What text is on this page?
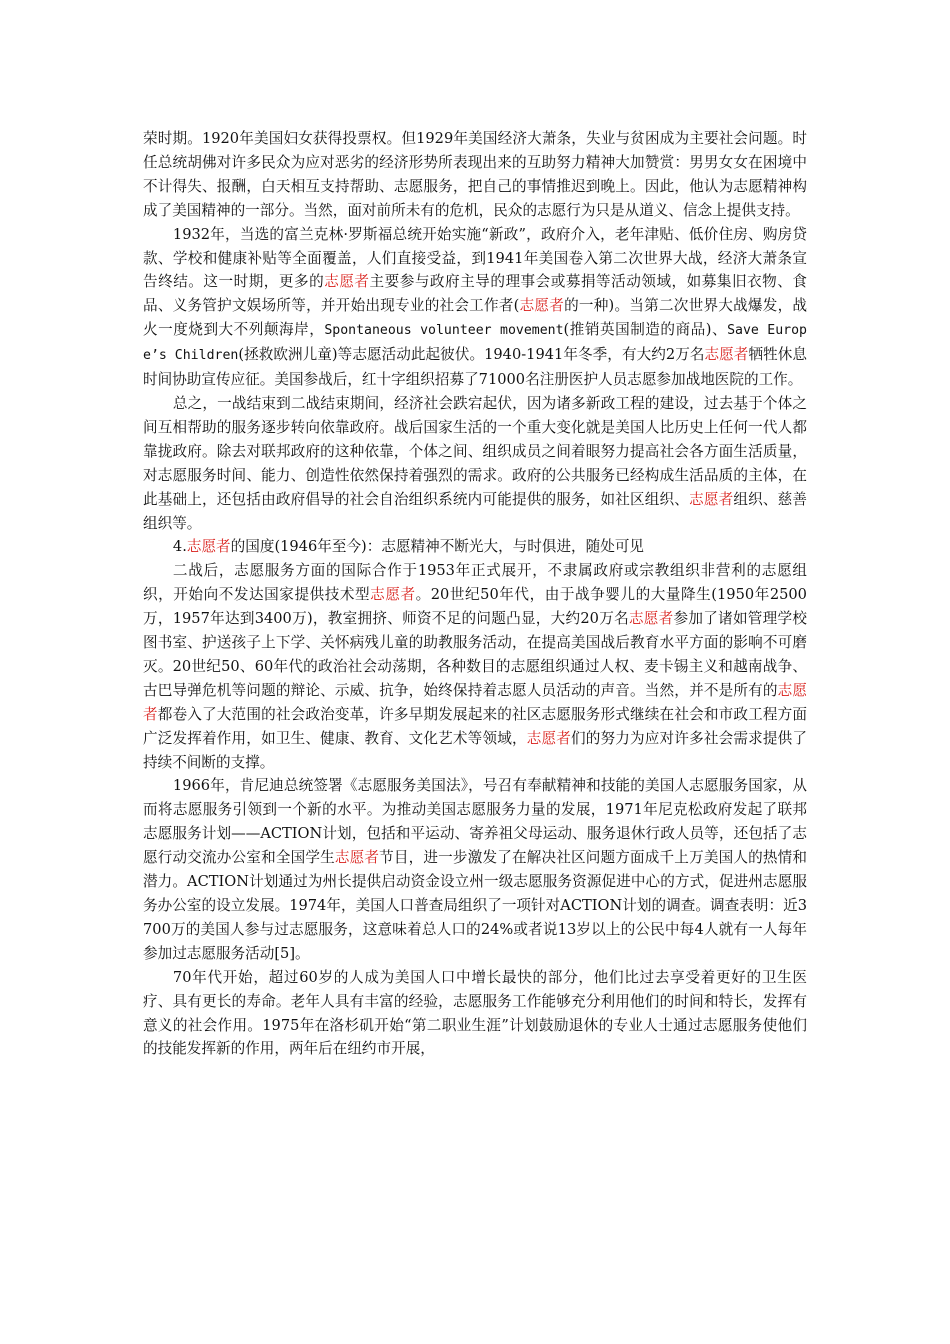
荣时期。1920年美国妇女获得投票权。但1929年美国经济大萧条，失业与贫困成为主要社会问题。时任总统胡佛对许多民众为应对恶劣的经济形势所表现出来的互助努力精神大加赞赏：男男女女在困境中不计得失、报酬，白天相互支持帮助、志愿服务，把自己的事情推迟到晚上。因此，他认为志愿精神构成了美国精神的一部分。当然，面对前所未有的危机，民众的志愿行为只是从道义、信念上提供支持。

1932年，当选的富兰克林·罗斯福总统开始实施“新政”，政府介入，老年津贴、低价住房、购房贷款、学校和健康补贴等全面覆盖，人们直接受益，到1941年美国卷入第二次世界大战，经济大萧条宣告终结。这一时期，更多的志愿者主要参与政府主导的理事会或募捐等活动领域，如募集旧衣物、食品、义务管护文娱场所等，并开始出现专业的社会工作者(志愿者的一种)。当第二次世界大战爆发，战火一度烧到大不列颠海岸，Spontaneous volunteer movement(推销英国制造的商品)、Save Europe’s Children(拯救欧洲儿童)等志愿活动此起彼伏。1940-1941年冬季，有大约2万名志愿者牺牲休息时间协助宣传应征。美国参战后，红十字组织招募了71000名注册医护人员志愿参加战地医院的工作。

总之，一战结束到二战结束期间，经济社会跌宕起伏，因为诸多新政工程的建设，过去基于个体之间互相帮助的服务逐步转向依靠政府。战后国家生活的一个重大变化就是美国人比历史上任何一代人都靠拢政府。除去对联邦政府的这种依靠，个体之间、组织成员之间着眼努力提高社会各方面生活质量，对志愿服务时间、能力、创造性依然保持着强烈的需求。政府的公共服务已经构成生活品质的主体，在此基础上，还包括由政府倡导的社会自治组织系统内可能提供的服务，如社区组织、志愿者组织、慈善组织等。

4.志愿者的国度(1946年至今)：志愿精神不断光大，与时俱进，随处可见

二战后，志愿服务方面的国际合作于1953年正式展开，不隶属政府或宗教组织非营利的志愿组织，开始向不发达国家提供技术型志愿者。20世纪50年代，由于战争婴儿的大量降生(1950年2500万，1957年达到3400万)，教室拥挤、师资不足的问题凸显，大约20万名志愿者参加了诸如管理学校图书室、护送孩子上下学、关怀病残儿童的助教服务活动，在提高美国战后教育水平方面的影响不可磨灭。20世纪50、60年代的政治社会动荡期，各种数目的志愿组织通过人权、麦卡锡主义和越南战争、古巴导弹危机等问题的辩论、示威、抗争，始终保持着志愿人员活动的声音。当然，并不是所有的志愿者都卷入了大范围的社会政治变革，许多早期发展起来的社区志愿服务形式继续在社会和市政工程方面广泛发挥着作用，如卫生、健康、教育、文化艺术等领域，志愿者们的努力为应对许多社会需求提供了持续不间断的支撑。

1966年，肯尼迪总统签署《志愿服务美国法》，号召有奉献精神和技能的美国人志愿服务国家，从而将志愿服务引领到一个新的水平。为推动美国志愿服务力量的发展，1971年尼克松政府发起了联邦志愿服务计划——ACTION计划，包括和平运动、寄养祖父母运动、服务退休行政人员等，还包括了志愿行动交流办公室和全国学生志愿者节目，进一步激发了在解决社区问题方面成千上万美国人的热情和潜力。ACTION计划通过为州长提供启动资金设立州一级志愿服务资源促进中心的方式，促进州志愿服务办公室的设立发展。1974年，美国人口普查局组织了一项针对ACTION计划的调查。调查表明：近3700万的美国人参与过志愿服务，这意味着总人口的24%或者说13岁以上的公民中每4人就有一人每年参加过志愿服务活动[5]。

70年代开始，超过60岁的人成为美国人口中增长最快的部分，他们比过去享受着更好的卫生医疗、具有更长的寿命。老年人具有丰富的经验，志愿服务工作能够充分利用他们的时间和特长，发挥有意义的社会作用。1975年在洛杉矶开始“第二职业生涯”计划鼓励退休的专业人士通过志愿服务使他们的技能发挥新的作用，两年后在纽约市开展，
